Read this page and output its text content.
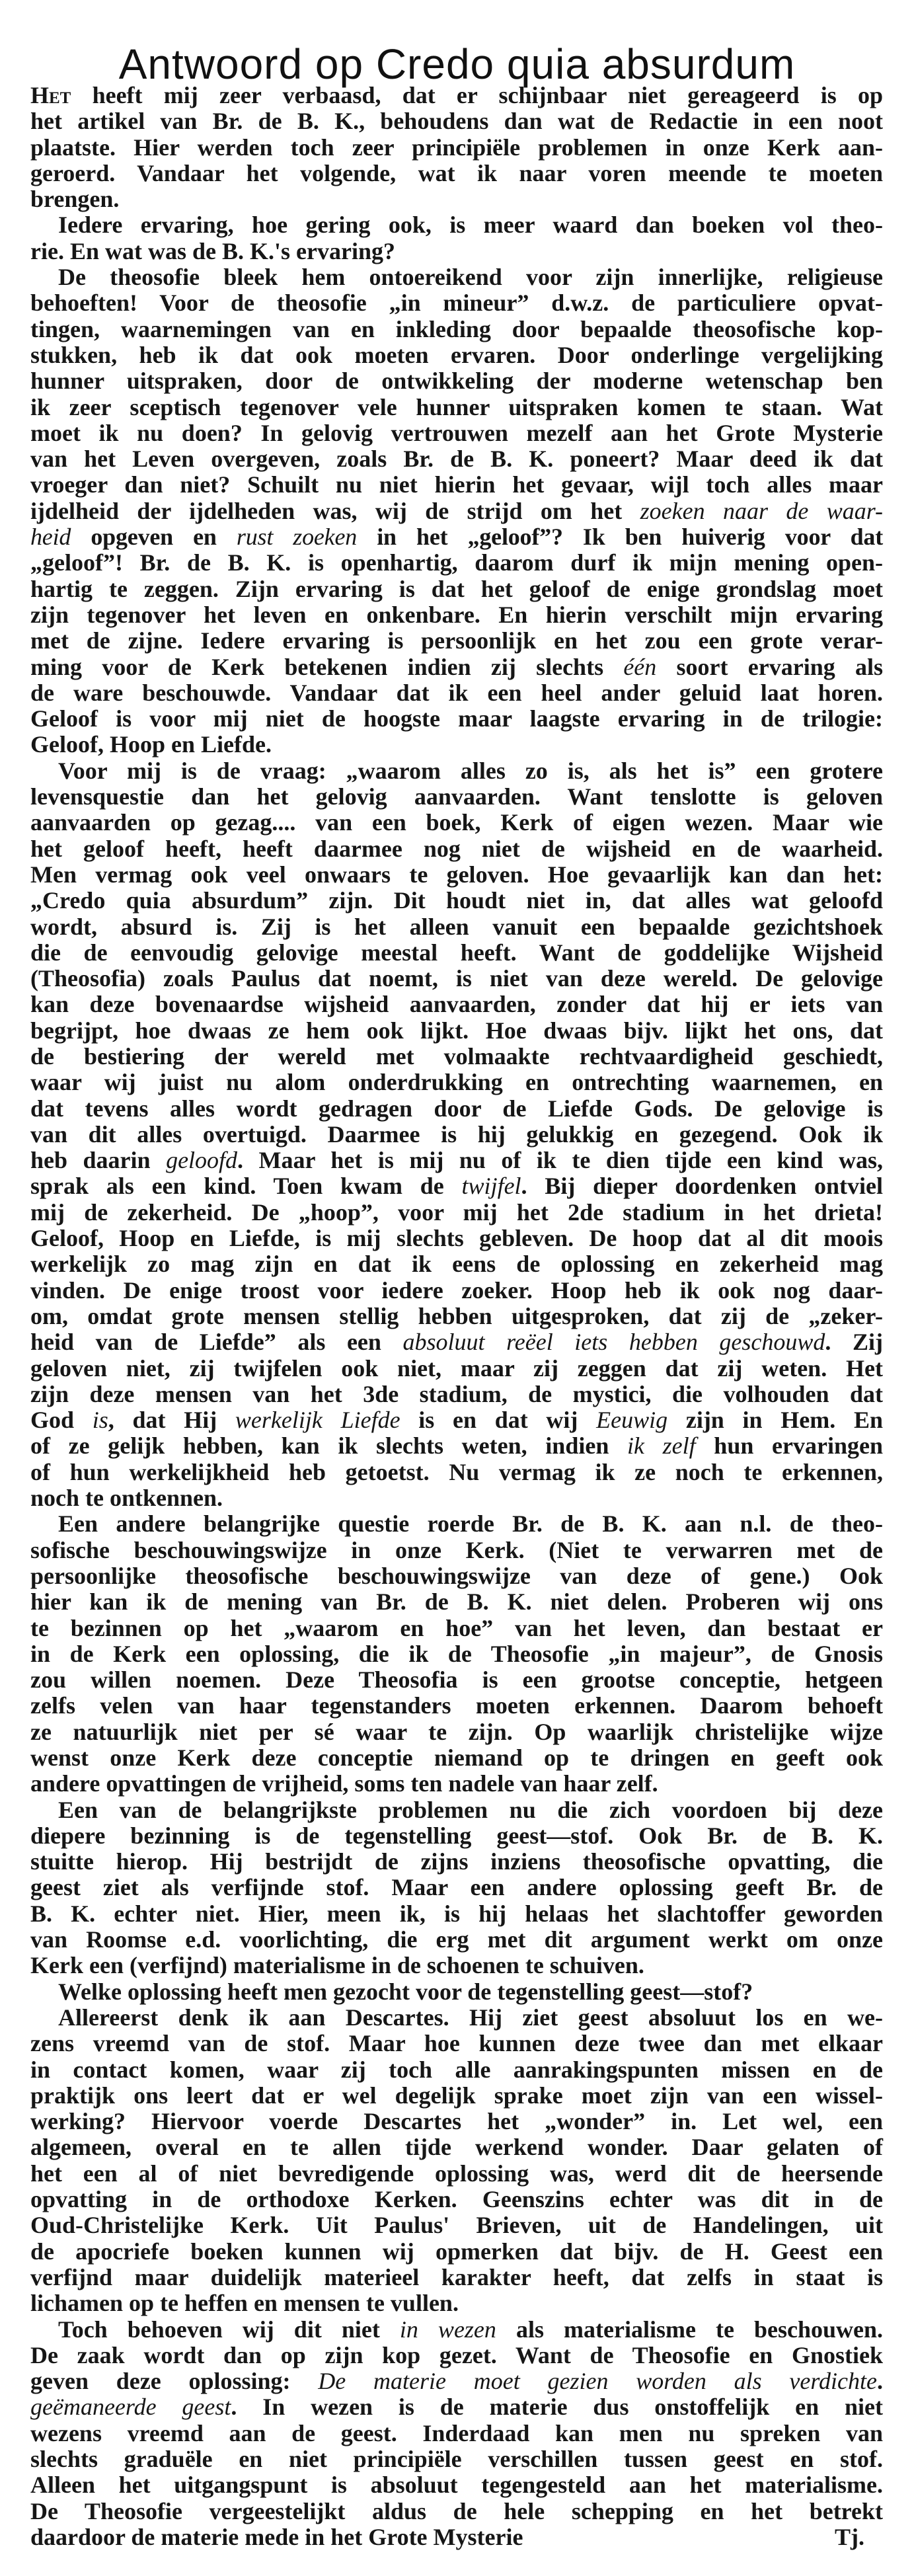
Antwoord op Credo quia absurdum
Het heeft mij zeer verbaasd, dat er schijnbaar niet gereageerd is op
het artikel van Br. de B. K., behoudens dan wat de Redactie in een noot
plaatste. Hier werden toch zeer principiële problemen in onze Kerk aan-
geroerd. Vandaar het volgende, wat ik naar voren meende te moeten
brengen.
Iedere ervaring, hoe gering ook, is meer waard dan boeken vol theo-
rie. En wat was de B. K.'s ervaring?
De theosofie bleek hem ontoereikend voor zijn innerlijke, religieuse
behoeften! Voor de theosofie „in mineur” d.w.z. de particuliere opvat-
tingen, waarnemingen van en inkleding door bepaalde theosofische kop-
stukken, heb ik dat ook moeten ervaren. Door onderlinge vergelijking
hunner uitspraken, door de ontwikkeling der moderne wetenschap ben
ik zeer sceptisch tegenover vele hunner uitspraken komen te staan. Wat
moet ik nu doen? In gelovig vertrouwen mezelf aan het Grote Mysterie
van het Leven overgeven, zoals Br. de B. K. poneert? Maar deed ik dat
vroeger dan niet? Schuilt nu niet hierin het gevaar, wijl toch alles maar
ijdelheid der ijdelheden was, wij de strijd om het zoeken naar de waar-
heid opgeven en rust zoeken in het „geloof”? Ik ben huiverig voor dat
„geloof”! Br. de B. K. is openhartig, daarom durf ik mijn mening open-
hartig te zeggen. Zijn ervaring is dat het geloof de enige grondslag moet
zijn tegenover het leven en onkenbare. En hierin verschilt mijn ervaring
met de zijne. Iedere ervaring is persoonlijk en het zou een grote verar-
ming voor de Kerk betekenen indien zij slechts één soort ervaring als
de ware beschouwde. Vandaar dat ik een heel ander geluid laat horen.
Geloof is voor mij niet de hoogste maar laagste ervaring in de trilogie:
Geloof, Hoop en Liefde.
Voor mij is de vraag: „waarom alles zo is, als het is” een grotere
levensquestie dan het gelovig aanvaarden. Want tenslotte is geloven
aanvaarden op gezag.... van een boek, Kerk of eigen wezen. Maar wie
het geloof heeft, heeft daarmee nog niet de wijsheid en de waarheid.
Men vermag ook veel onwaars te geloven. Hoe gevaarlijk kan dan het:
„Credo quia absurdum” zijn. Dit houdt niet in, dat alles wat geloofd
wordt, absurd is. Zij is het alleen vanuit een bepaalde gezichtshoek
die de eenvoudig gelovige meestal heeft. Want de goddelijke Wijsheid
(Theosofia) zoals Paulus dat noemt, is niet van deze wereld. De gelovige
kan deze bovenaardse wijsheid aanvaarden, zonder dat hij er iets van
begrijpt, hoe dwaas ze hem ook lijkt. Hoe dwaas bijv. lijkt het ons, dat
de bestiering der wereld met volmaakte rechtvaardigheid geschiedt,
waar wij juist nu alom onderdrukking en ontrechting waarnemen, en
dat tevens alles wordt gedragen door de Liefde Gods. De gelovige is
van dit alles overtuigd. Daarmee is hij gelukkig en gezegend. Ook ik
heb daarin geloofd. Maar het is mij nu of ik te dien tijde een kind was,
sprak als een kind. Toen kwam de twijfel. Bij dieper doordenken ontviel
mij de zekerheid. De „hoop”, voor mij het 2de stadium in het drieta!
Geloof, Hoop en Liefde, is mij slechts gebleven. De hoop dat al dit moois
werkelijk zo mag zijn en dat ik eens de oplossing en zekerheid mag
vinden. De enige troost voor iedere zoeker. Hoop heb ik ook nog daar-
om, omdat grote mensen stellig hebben uitgesproken, dat zij de „zeker-
heid van de Liefde” als een absoluut reëel iets hebben geschouwd. Zij
geloven niet, zij twijfelen ook niet, maar zij zeggen dat zij weten. Het
zijn deze mensen van het 3de stadium, de mystici, die volhouden dat
God is, dat Hij werkelijk Liefde is en dat wij Eeuwig zijn in Hem. En
of ze gelijk hebben, kan ik slechts weten, indien ik zelf hun ervaringen
of hun werkelijkheid heb getoetst. Nu vermag ik ze noch te erkennen,
noch te ontkennen.
Een andere belangrijke questie roerde Br. de B. K. aan n.l. de theo-
sofische beschouwingswijze in onze Kerk. (Niet te verwarren met de
persoonlijke theosofische beschouwingswijze van deze of gene.) Ook
hier kan ik de mening van Br. de B. K. niet delen. Proberen wij ons
te bezinnen op het „waarom en hoe” van het leven, dan bestaat er
in de Kerk een oplossing, die ik de Theosofie „in majeur”, de Gnosis
zou willen noemen. Deze Theosofia is een grootse conceptie, hetgeen
zelfs velen van haar tegenstanders moeten erkennen. Daarom behoeft
ze natuurlijk niet per sé waar te zijn. Op waarlijk christelijke wijze
wenst onze Kerk deze conceptie niemand op te dringen en geeft ook
andere opvattingen de vrijheid, soms ten nadele van haar zelf.
Een van de belangrijkste problemen nu die zich voordoen bij deze
diepere bezinning is de tegenstelling geest—stof. Ook Br. de B. K.
stuitte hierop. Hij bestrijdt de zijns inziens theosofische opvatting, die
geest ziet als verfijnde stof. Maar een andere oplossing geeft Br. de
B. K. echter niet. Hier, meen ik, is hij helaas het slachtoffer geworden
van Roomse e.d. voorlichting, die erg met dit argument werkt om onze
Kerk een (verfijnd) materialisme in de schoenen te schuiven.
Welke oplossing heeft men gezocht voor de tegenstelling geest—stof?
Allereerst denk ik aan Descartes. Hij ziet geest absoluut los en we-
zens vreemd van de stof. Maar hoe kunnen deze twee dan met elkaar
in contact komen, waar zij toch alle aanrakingspunten missen en de
praktijk ons leert dat er wel degelijk sprake moet zijn van een wissel-
werking? Hiervoor voerde Descartes het „wonder” in. Let wel, een
algemeen, overal en te allen tijde werkend wonder. Daar gelaten of
het een al of niet bevredigende oplossing was, werd dit de heersende
opvatting in de orthodoxe Kerken. Geenszins echter was dit in de
Oud-Christelijke Kerk. Uit Paulus' Brieven, uit de Handelingen, uit
de apocriefe boeken kunnen wij opmerken dat bijv. de H. Geest een
verfijnd maar duidelijk materieel karakter heeft, dat zelfs in staat is
lichamen op te heffen en mensen te vullen.
Toch behoeven wij dit niet in wezen als materialisme te beschouwen.
De zaak wordt dan op zijn kop gezet. Want de Theosofie en Gnostiek
geven deze oplossing: De materie moet gezien worden als verdichte.
geëmaneerde geest. In wezen is de materie dus onstoffelijk en niet
wezens vreemd aan de geest. Inderdaad kan men nu spreken van
slechts graduële en niet principiële verschillen tussen geest en stof.
Alleen het uitgangspunt is absoluut tegengesteld aan het materialisme.
De Theosofie vergeestelijkt aldus de hele schepping en het betrekt
daardoor de materie mede in het Grote Mysterie	Tj.
